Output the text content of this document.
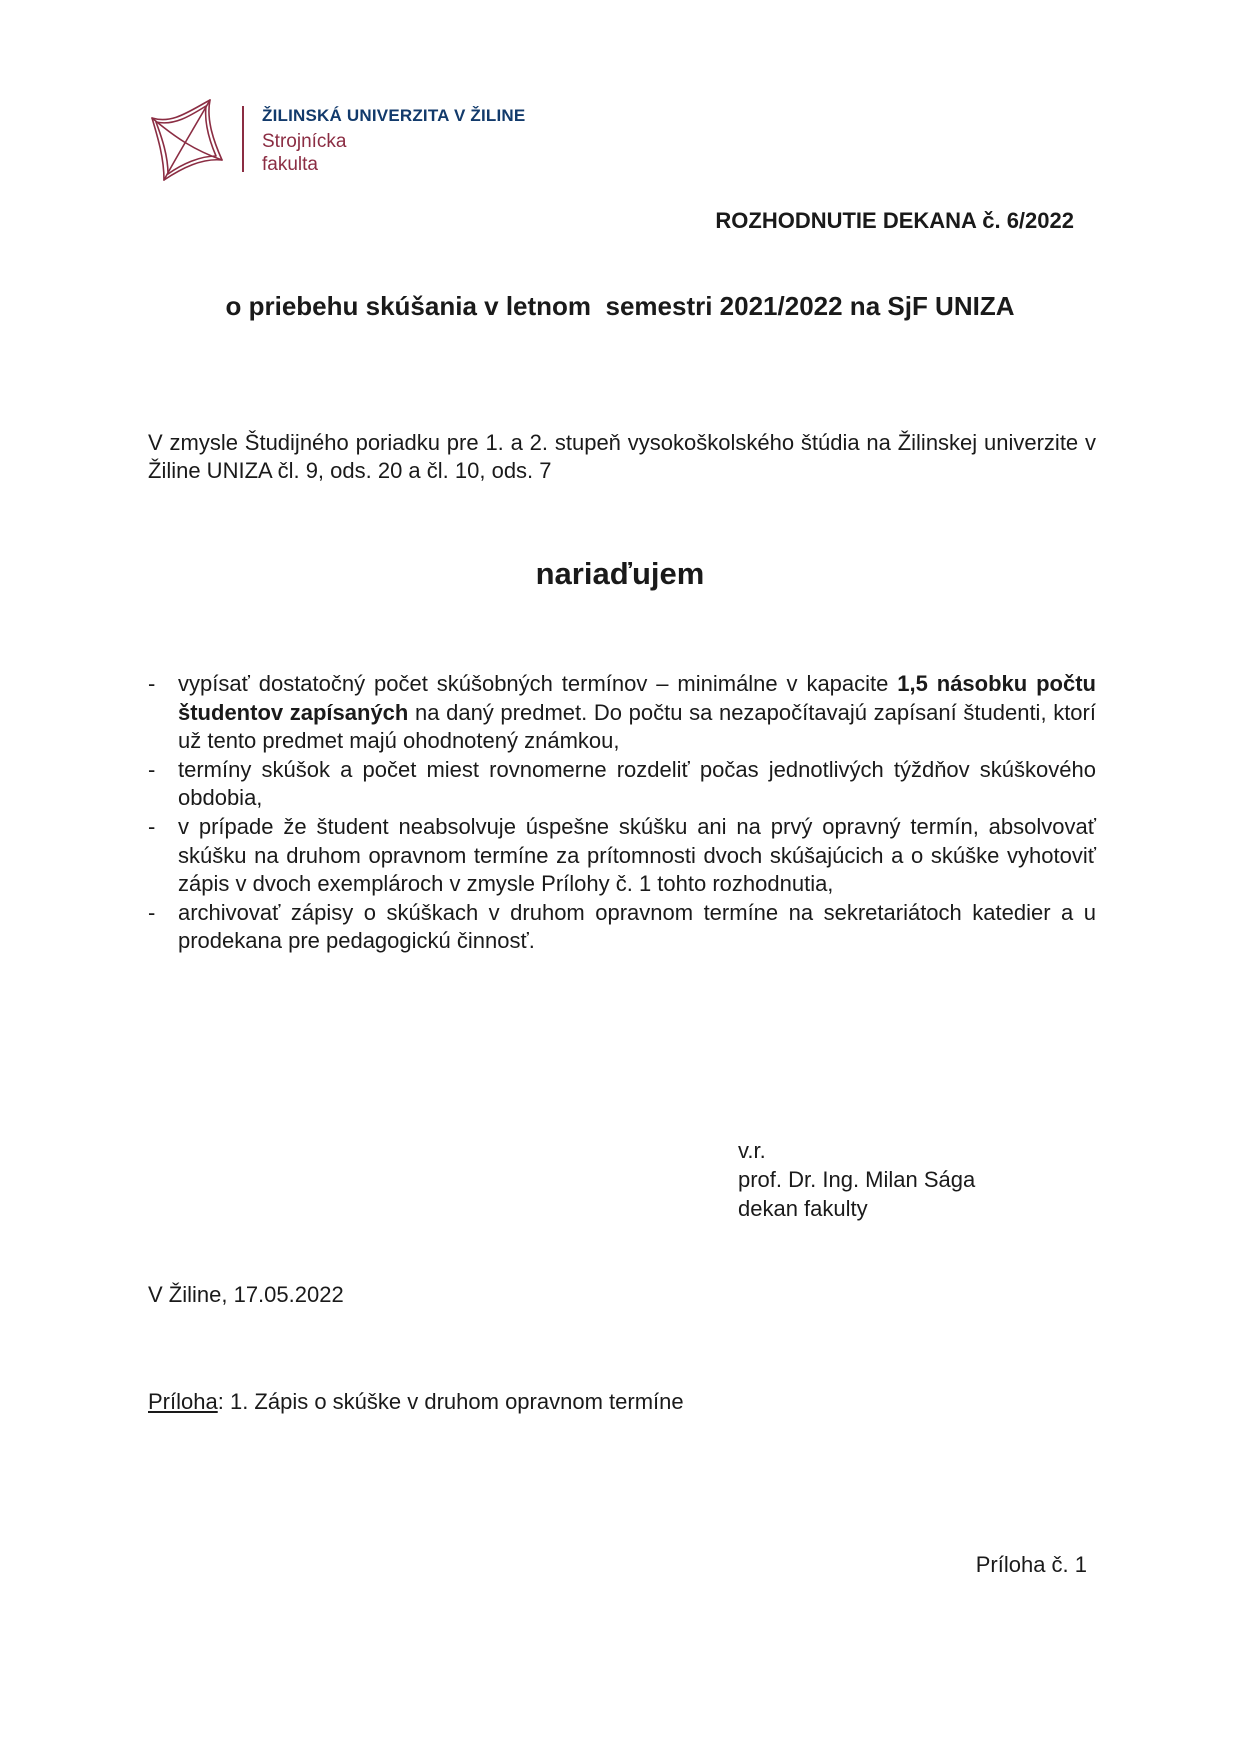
ŽILINSKÁ UNIVERZITA V ŽILINE
Strojnícka
fakulta
ROZHODNUTIE DEKANA č. 6/2022
o priebehu skúšania v letnom  semestri 2021/2022 na SjF UNIZA

V zmysle Študijného poriadku pre 1. a 2. stupeň vysokoškolského štúdia na Žilinskej univerzite v Žiline UNIZA čl. 9, ods. 20 a čl. 10, ods. 7

nariaďujem
- vypísať dostatočný počet skúšobných termínov – minimálne v kapacite 1,5 násobku počtu študentov zapísaných na daný predmet. Do počtu sa nezapočítavajú zapísaní študenti, ktorí už tento predmet majú ohodnotený známkou,
- termíny skúšok a počet miest rovnomerne rozdeliť počas jednotlivých týždňov skúškového obdobia,
- v prípade že študent neabsolvuje úspešne skúšku ani na prvý opravný termín, absolvovať skúšku na druhom opravnom termíne za prítomnosti dvoch skúšajúcich a o skúške vyhotoviť zápis v dvoch exemplároch v zmysle Prílohy č. 1 tohto rozhodnutia,
- archivovať zápisy o skúškach v druhom opravnom termíne na sekretariátoch katedier a u prodekana pre pedagogickú činnosť.
v.r.
prof. Dr. Ing. Milan Sága
dekan fakulty
V Žiline, 17.05.2022
Príloha: 1. Zápis o skúške v druhom opravnom termíne
Príloha č. 1
